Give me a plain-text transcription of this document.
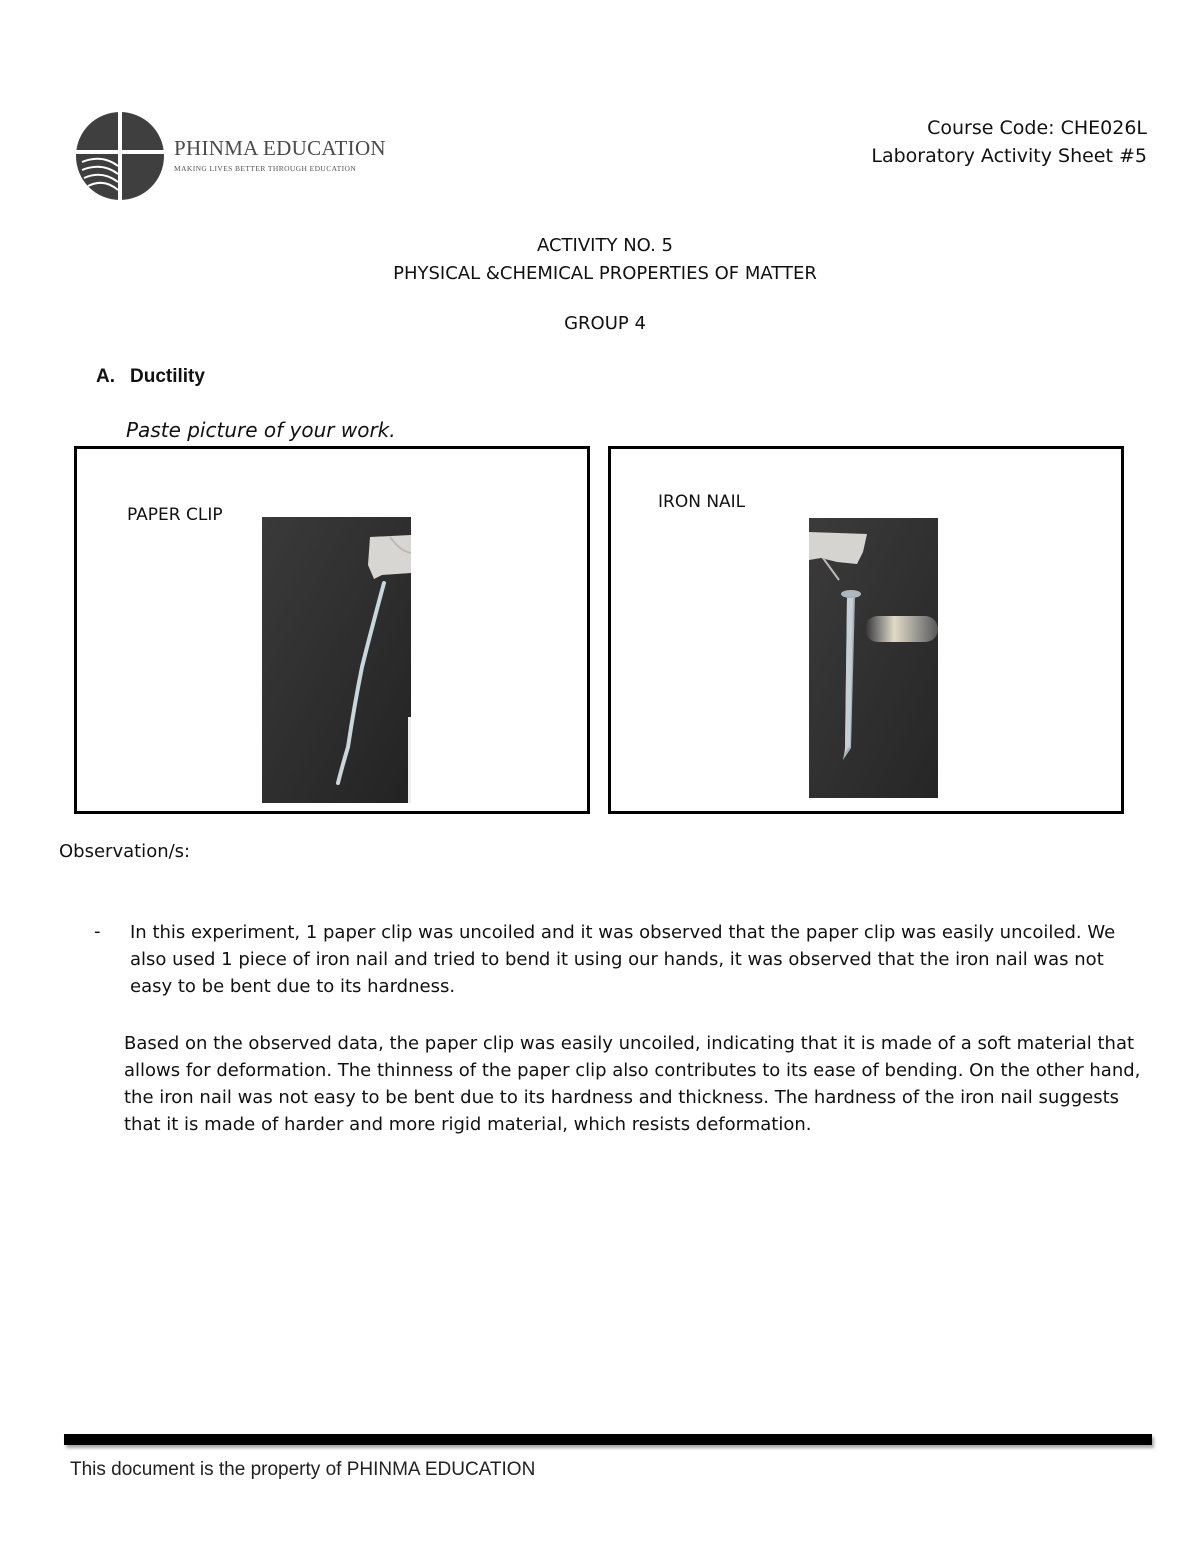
PHINMA EDUCATION
MAKING LIVES BETTER THROUGH EDUCATION
Course Code: CHE026L
Laboratory Activity Sheet #5
ACTIVITY NO. 5
PHYSICAL &CHEMICAL PROPERTIES OF MATTER
GROUP 4
A. Ductility
Paste picture of your work.
PAPER CLIP
IRON NAIL
Observation/s:
- In this experiment, 1 paper clip was uncoiled and it was observed that the paper clip was easily uncoiled. We also used 1 piece of iron nail and tried to bend it using our hands, it was observed that the iron nail was not easy to be bent due to its hardness.
Based on the observed data, the paper clip was easily uncoiled, indicating that it is made of a soft material that allows for deformation. The thinness of the paper clip also contributes to its ease of bending. On the other hand, the iron nail was not easy to be bent due to its hardness and thickness. The hardness of the iron nail suggests that it is made of harder and more rigid material, which resists deformation.
This document is the property of PHINMA EDUCATION
